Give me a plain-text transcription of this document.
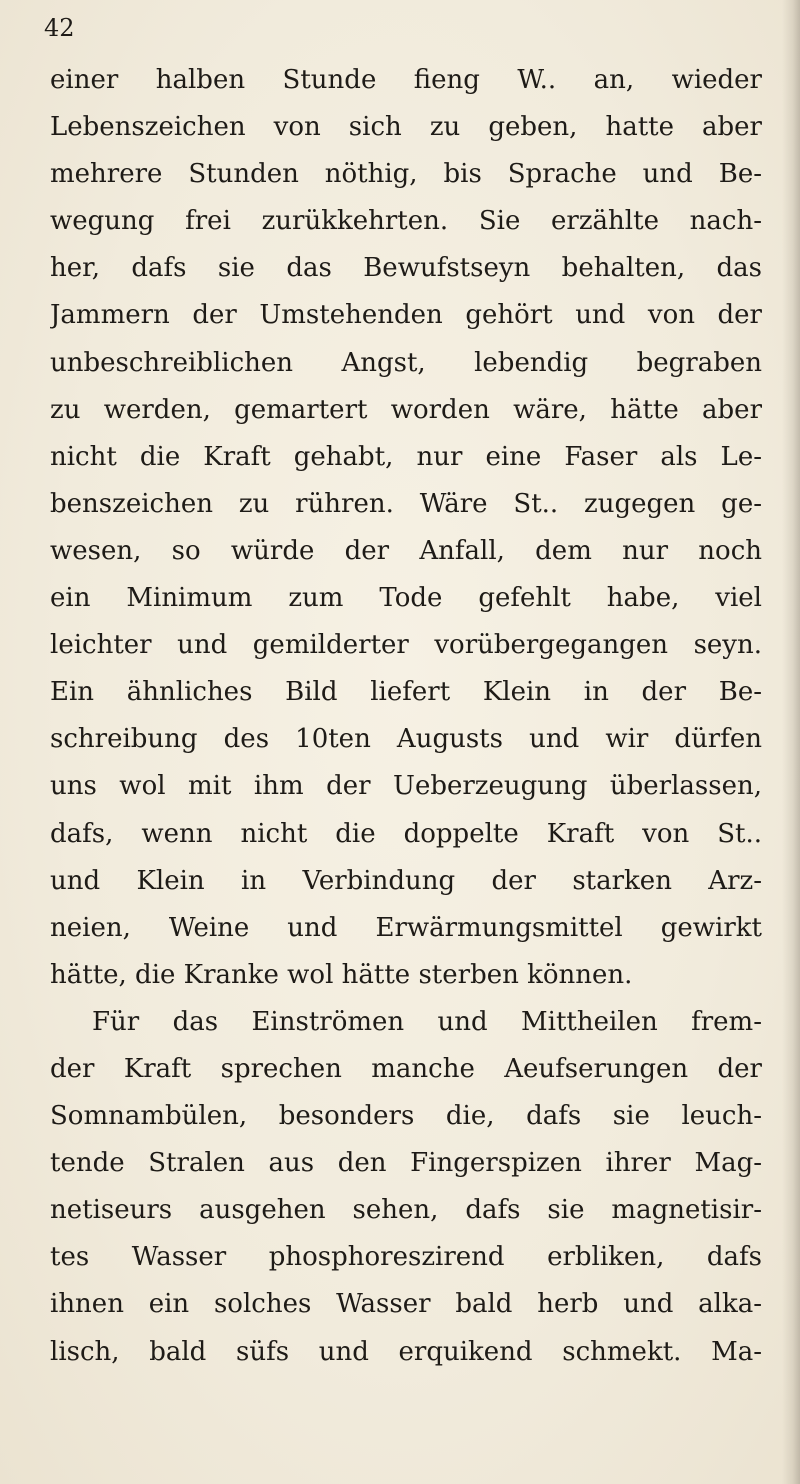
42
einer halben Stunde fieng W.. an, wieder
Lebenszeichen von sich zu geben, hatte aber
mehrere Stunden nöthig, bis Sprache und Be-
wegung frei zurükkehrten. Sie erzählte nach-
her, dafs sie das Bewufstseyn behalten, das
Jammern der Umstehenden gehört und von der
unbeschreiblichen Angst, lebendig begraben
zu werden, gemartert worden wäre, hätte aber
nicht die Kraft gehabt, nur eine Faser als Le-
benszeichen zu rühren. Wäre St.. zugegen ge-
wesen, so würde der Anfall, dem nur noch
ein Minimum zum Tode gefehlt habe, viel
leichter und gemilderter vorübergegangen seyn.
Ein ähnliches Bild liefert Klein in der Be-
schreibung des 10ten Augusts und wir dürfen
uns wol mit ihm der Ueberzeugung überlassen,
dafs, wenn nicht die doppelte Kraft von St..
und Klein in Verbindung der starken Arz-
neien, Weine und Erwärmungsmittel gewirkt
hätte, die Kranke wol hätte sterben können.
Für das Einströmen und Mittheilen frem-
der Kraft sprechen manche Aeufserungen der
Somnambülen, besonders die, dafs sie leuch-
tende Stralen aus den Fingerspizen ihrer Mag-
netiseurs ausgehen sehen, dafs sie magnetisir-
tes Wasser phosphoreszirend erbliken, dafs
ihnen ein solches Wasser bald herb und alka-
lisch, bald süfs und erquikend schmekt. Ma-
